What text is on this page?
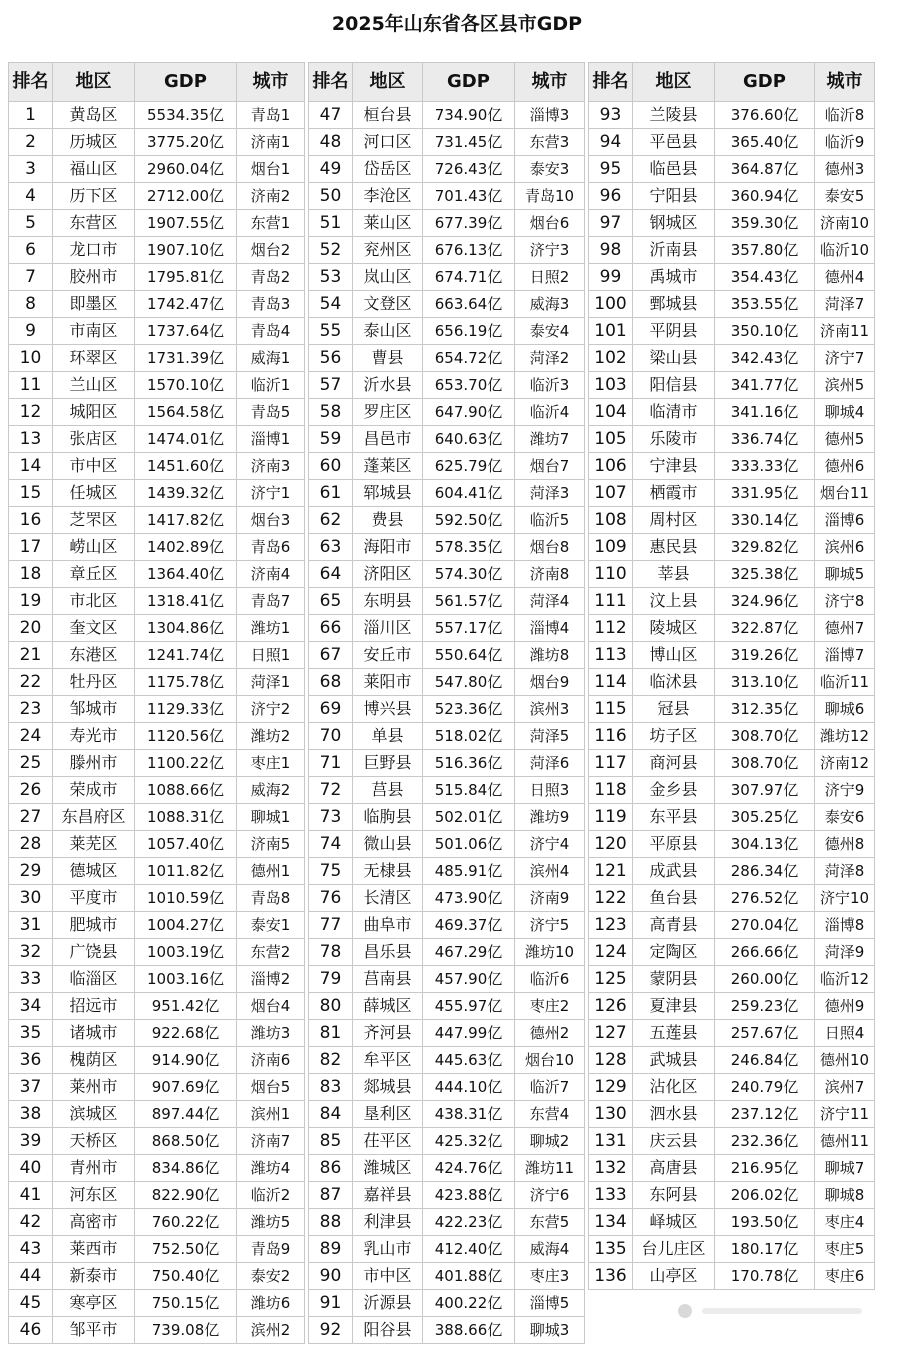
2025年山东省各区县市GDP
排名	地区	GDP	城市
1	黄岛区	5534.35亿	青岛1
2	历城区	3775.20亿	济南1
3	福山区	2960.04亿	烟台1
4	历下区	2712.00亿	济南2
5	东营区	1907.55亿	东营1
6	龙口市	1907.10亿	烟台2
7	胶州市	1795.81亿	青岛2
8	即墨区	1742.47亿	青岛3
9	市南区	1737.64亿	青岛4
10	环翠区	1731.39亿	威海1
11	兰山区	1570.10亿	临沂1
12	城阳区	1564.58亿	青岛5
13	张店区	1474.01亿	淄博1
14	市中区	1451.60亿	济南3
15	任城区	1439.32亿	济宁1
16	芝罘区	1417.82亿	烟台3
17	崂山区	1402.89亿	青岛6
18	章丘区	1364.40亿	济南4
19	市北区	1318.41亿	青岛7
20	奎文区	1304.86亿	潍坊1
21	东港区	1241.74亿	日照1
22	牡丹区	1175.78亿	菏泽1
23	邹城市	1129.33亿	济宁2
24	寿光市	1120.56亿	潍坊2
25	滕州市	1100.22亿	枣庄1
26	荣成市	1088.66亿	威海2
27	东昌府区	1088.31亿	聊城1
28	莱芜区	1057.40亿	济南5
29	德城区	1011.82亿	德州1
30	平度市	1010.59亿	青岛8
31	肥城市	1004.27亿	泰安1
32	广饶县	1003.19亿	东营2
33	临淄区	1003.16亿	淄博2
34	招远市	951.42亿	烟台4
35	诸城市	922.68亿	潍坊3
36	槐荫区	914.90亿	济南6
37	莱州市	907.69亿	烟台5
38	滨城区	897.44亿	滨州1
39	天桥区	868.50亿	济南7
40	青州市	834.86亿	潍坊4
41	河东区	822.90亿	临沂2
42	高密市	760.22亿	潍坊5
43	莱西市	752.50亿	青岛9
44	新泰市	750.40亿	泰安2
45	寒亭区	750.15亿	潍坊6
46	邹平市	739.08亿	滨州2
排名	地区	GDP	城市
47	桓台县	734.90亿	淄博3
48	河口区	731.45亿	东营3
49	岱岳区	726.43亿	泰安3
50	李沧区	701.43亿	青岛10
51	莱山区	677.39亿	烟台6
52	兖州区	676.13亿	济宁3
53	岚山区	674.71亿	日照2
54	文登区	663.64亿	威海3
55	泰山区	656.19亿	泰安4
56	曹县	654.72亿	菏泽2
57	沂水县	653.70亿	临沂3
58	罗庄区	647.90亿	临沂4
59	昌邑市	640.63亿	潍坊7
60	蓬莱区	625.79亿	烟台7
61	郓城县	604.41亿	菏泽3
62	费县	592.50亿	临沂5
63	海阳市	578.35亿	烟台8
64	济阳区	574.30亿	济南8
65	东明县	561.57亿	菏泽4
66	淄川区	557.17亿	淄博4
67	安丘市	550.64亿	潍坊8
68	莱阳市	547.80亿	烟台9
69	博兴县	523.36亿	滨州3
70	单县	518.02亿	菏泽5
71	巨野县	516.36亿	菏泽6
72	莒县	515.84亿	日照3
73	临朐县	502.01亿	潍坊9
74	微山县	501.06亿	济宁4
75	无棣县	485.91亿	滨州4
76	长清区	473.90亿	济南9
77	曲阜市	469.37亿	济宁5
78	昌乐县	467.29亿	潍坊10
79	莒南县	457.90亿	临沂6
80	薛城区	455.97亿	枣庄2
81	齐河县	447.99亿	德州2
82	牟平区	445.63亿	烟台10
83	郯城县	444.10亿	临沂7
84	垦利区	438.31亿	东营4
85	茌平区	425.32亿	聊城2
86	潍城区	424.76亿	潍坊11
87	嘉祥县	423.88亿	济宁6
88	利津县	422.23亿	东营5
89	乳山市	412.40亿	威海4
90	市中区	401.88亿	枣庄3
91	沂源县	400.22亿	淄博5
92	阳谷县	388.66亿	聊城3
排名	地区	GDP	城市
93	兰陵县	376.60亿	临沂8
94	平邑县	365.40亿	临沂9
95	临邑县	364.87亿	德州3
96	宁阳县	360.94亿	泰安5
97	钢城区	359.30亿	济南10
98	沂南县	357.80亿	临沂10
99	禹城市	354.43亿	德州4
100	鄄城县	353.55亿	菏泽7
101	平阴县	350.10亿	济南11
102	梁山县	342.43亿	济宁7
103	阳信县	341.77亿	滨州5
104	临清市	341.16亿	聊城4
105	乐陵市	336.74亿	德州5
106	宁津县	333.33亿	德州6
107	栖霞市	331.95亿	烟台11
108	周村区	330.14亿	淄博6
109	惠民县	329.82亿	滨州6
110	莘县	325.38亿	聊城5
111	汶上县	324.96亿	济宁8
112	陵城区	322.87亿	德州7
113	博山区	319.26亿	淄博7
114	临沭县	313.10亿	临沂11
115	冠县	312.35亿	聊城6
116	坊子区	308.70亿	潍坊12
117	商河县	308.70亿	济南12
118	金乡县	307.97亿	济宁9
119	东平县	305.25亿	泰安6
120	平原县	304.13亿	德州8
121	成武县	286.34亿	菏泽8
122	鱼台县	276.52亿	济宁10
123	高青县	270.04亿	淄博8
124	定陶区	266.66亿	菏泽9
125	蒙阴县	260.00亿	临沂12
126	夏津县	259.23亿	德州9
127	五莲县	257.67亿	日照4
128	武城县	246.84亿	德州10
129	沾化区	240.79亿	滨州7
130	泗水县	237.12亿	济宁11
131	庆云县	232.36亿	德州11
132	高唐县	216.95亿	聊城7
133	东阿县	206.02亿	聊城8
134	峄城区	193.50亿	枣庄4
135	台儿庄区	180.17亿	枣庄5
136	山亭区	170.78亿	枣庄6
